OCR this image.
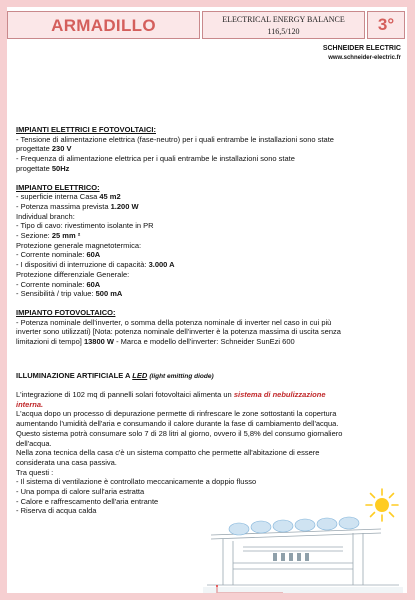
ARMADILLO	ELECTRICAL ENERGY BALANCE
116,5/120	3°
SCHNEIDER ELECTRIC
www.schneider-electric.fr
IMPIANTI ELETTRICI E FOTOVOLTAICI:
- Tensione di alimentazione elettrica (fase-neutro) per i quali entrambe le installazioni sono state
progettate 230 V
- Frequenza di alimentazione elettrica per i quali entrambe le installazioni sono state
progettate 50Hz
IMPIANTO ELETTRICO:
- superficie interna Casa 45 m2
- Potenza massima prevista 1.200 W
Individual branch:
- Tipo di cavo: rivestimento isolante in PR
- Sezione: 25 mm ²
Protezione generale magnetotermica:
- Corrente nominale: 60A
- I dispositivi di interruzione di capacità: 3.000 A
Protezione differenziale Generale:
- Corrente nominale: 60A
- Sensibilità / trip value: 500 mA
IMPIANTO FOTOVOLTAICO:
- Potenza nominale dell'inverter, o somma della potenza nominale di inverter nel caso in cui più
inverter sono utilizzati) [Nota: potenza nominale dell'inverter è la potenza massima di uscita senza
limitazioni di tempo] 13800 W - Marca e modello dell'inverter: Schneider SunEzi 600
ILLUMINAZIONE ARTIFICIALE A LED (light emitting diode)
L'integrazione di 102 mq di pannelli solari fotovoltaici alimenta un sistema di nebulizzazione
interna.
L'acqua dopo un processo di depurazione permette di rinfrescare le zone sottostanti la copertura
aumentando l'umidità dell'aria e consumando il calore durante la fase di cambiamento dell'acqua.
Questo sistema potrà consumare solo 7 di 28 litri al giorno, ovvero il 5,8% del consumo giornaliero
dell'acqua.
Nella zona tecnica della casa c'è un sistema compatto che permette all'abitazione di essere
considerata una casa passiva.
Tra questi :
- Il sistema di ventilazione è controllato meccanicamente a doppio flusso
- Una pompa di calore sull'aria estratta
- Calore e raffrescamento dell'aria entrante
- Riserva di acqua calda
